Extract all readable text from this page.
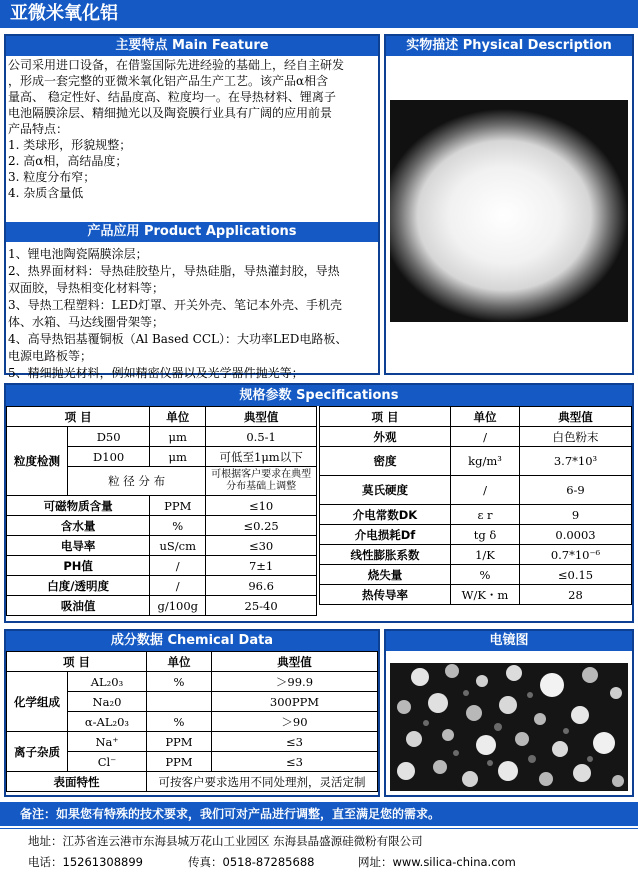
亚微米氧化铝
主要特点 Main Feature

公司采用进口设备，在借鉴国际先进经验的基础上，经自主研发

，形成一套完整的亚微米氧化铝产品生产工艺。该产品α相含

量高、 稳定性好、结晶度高、粒度均一。在导热材料、锂离子

电池隔膜涂层、精细抛光以及陶瓷膜行业具有广阔的应用前景

产品特点：

1. 类球形，形貌规整；

2. 高α相，高结晶度；

3. 粒度分布窄；

4. 杂质含量低

产品应用 Product Applications

1、锂电池陶瓷隔膜涂层；

2、热界面材料：导热硅胶垫片，导热硅脂，导热灌封胶，导热

双面胶，导热相变化材料等；

3、导热工程塑料：LED灯罩、开关外壳、笔记本外壳、手机壳

体、水箱、马达线圈骨架等；

4、高导热铝基覆铜板（Al Based CCL）：大功率LED电路板、

电源电路板等；

5、精细抛光材料，例如精密仪器以及光学器件抛光等；

实物描述 Physical Description
规格参数 Specifications
项 目		单位	典型值
粒度检测	D50	μm	0.5-1
	D100	μm	可低至1μm以下
	粒 径 分 布		可根据客户要求在典型
分布基础上调整

可磁物质含量		PPM	≤10
含水量		%	≤0.25
电导率		uS/cm	≤30
PH值		/	7±1
白度/透明度		/	96.6
吸油值		g/100g	25-40
项 目	单位	典型值
外观	/	白色粉末
密度	kg/m³	3.7*10³
莫氏硬度	/	6-9
介电常数DK	ε r	9
介电损耗Df	tg δ	0.0003
线性膨胀系数	1/K	0.7*10⁻⁶
烧失量	%	≤0.15
热传导率	W/K・m	28
成分数据 Chemical Data
项 目		单位	典型值
化学组成	AL₂0₃	%	＞99.9
	Na₂0		300PPM
	α-AL₂0₃	%	＞90
离子杂质	Na⁺	PPM	≤3
	Cl⁻	PPM	≤3
表面特性		可按客户要求选用不同处理剂，灵活定制	
电镜图
备注：如果您有特殊的技术要求，我们可对产品进行调整，直至满足您的需求。
地址：江苏省连云港市东海县城万花山工业园区 东海县晶盛源硅微粉有限公司
电话：15261308899	传真：0518-87285688	网址：www.silica-china.com
